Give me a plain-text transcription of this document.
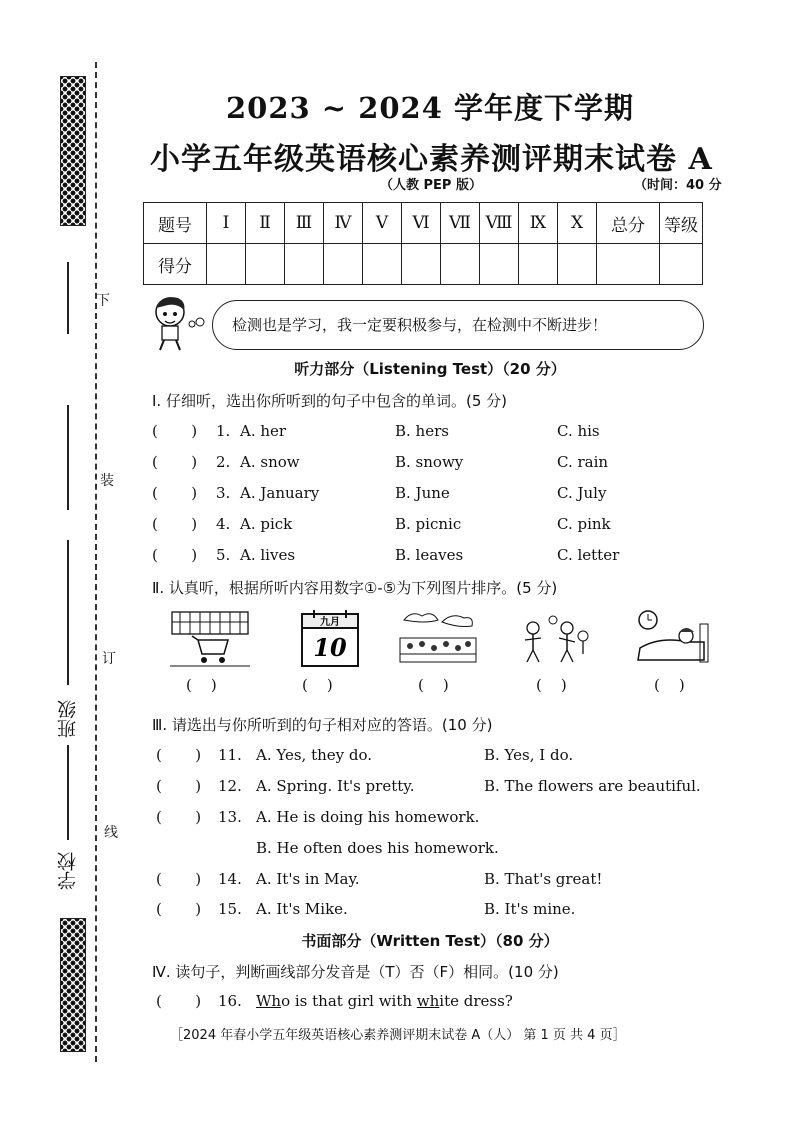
班级
学校
下
装
订
线
2023 ~ 2024 学年度下学期
小学五年级英语核心素养测评期末试卷 A
（人教 PEP 版）	（时间：40 分
题号	Ⅰ	Ⅱ	Ⅲ	Ⅳ	Ⅴ	Ⅵ	Ⅶ	Ⅷ	Ⅸ	Ⅹ	总分	等级
得分												
检测也是学习，我一定要积极参与，在检测中不断进步！
听力部分（Listening Test）（20 分）
Ⅰ. 仔细听，选出你所听到的句子中包含的单词。(5 分)
(       ) 1. A. her	B. hers	C. his
(       ) 2. A. snow	B. snowy	C. rain
(       ) 3. A. January	B. June	C. July
(       ) 4. A. pick	B. picnic	C. pink
(       ) 5. A. lives	B. leaves	C. letter
Ⅱ. 认真听，根据所听内容用数字①-⑤为下列图片排序。(5 分)
九月
10
(    )	(    )	(    )	(    )	(    )
Ⅲ. 请选出与你所听到的句子相对应的答语。(10 分)
(       ) 11. A. Yes, they do.	B. Yes, I do.
(       ) 12. A. Spring. It's pretty.	B. The flowers are beautiful.
(       ) 13. A. He is doing his homework.
B. He often does his homework.
(       ) 14. A. It's in May.	B. That's great!
(       ) 15. A. It's Mike.	B. It's mine.
书面部分（Written Test）（80 分）
Ⅳ. 读句子，判断画线部分发音是（T）否（F）相同。(10 分)
(       ) 16. Who is that girl with white dress?
［2024 年春小学五年级英语核心素养测评期末试卷 A（人） 第 1 页 共 4 页］
